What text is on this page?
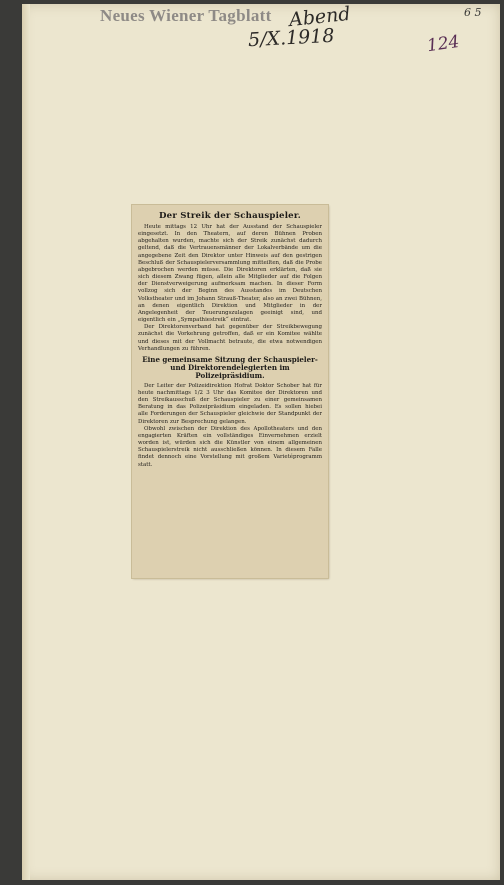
Neues Wiener Tagblatt Abend
5/X.1918	124
6 5
Der Streik der Schauspieler.

Heute mittags 12 Uhr hat der Ausstand der Schauspieler eingesetzt. In den Theatern, auf deren Bühnen Proben abgehalten wurden, machte sich der Streik zunächst dadurch geltend, daß die Vertrauensmänner der Lokalverbände um die angegebene Zeit den Direktor unter Hinweis auf den gestrigen Beschluß der Schauspielerversammlung mitteilten, daß die Probe abgebrochen werden müsse. Die Direktoren erklärten, daß sie sich diesem Zwang fügen, allein alle Mitglieder auf die Folgen der Dienstverweigerung aufmerksam machen. In dieser Form vollzog sich der Beginn des Ausstandes im Deutschen Volkstheater und im Johann Strauß-Theater, also an zwei Bühnen, an denen eigentlich Direktion und Mitglieder in der Angelegenheit der Teuerungszulagen geeinigt sind, und eigentlich ein „Sympathiestreik“ eintrat.

Der Direktorenverband hat gegenüber der Streikbewegung zunächst die Vorkehrung getroffen, daß er ein Komitee wählte und dieses mit der Vollmacht betraute, die etwa notwendigen Verhandlungen zu führen.

Eine gemeinsame Sitzung der Schauspieler- und Direktorendelegierten im Polizeipräsidium.

Der Leiter der Polizeidirektion Hofrat Doktor Schober hat für heute nachmittags 1/2 3 Uhr das Komitee der Direktoren und den Streikausschuß der Schauspieler zu einer gemeinsamen Beratung in das Polizeipräsidium eingeladen. Es sollen hiebei alle Forderungen der Schauspieler gleichwie der Standpunkt der Direktoren zur Besprechung gelangen.

Obwohl zwischen der Direktion des Apollotheaters und den engagierten Kräften ein vollständiges Einvernehmen erzielt worden ist, würden sich die Künstler von einem allgemeinen Schauspielerstreik nicht ausschließen können. In diesem Falle findet dennoch eine Vorstellung mit großem Varietéprogramm statt.
